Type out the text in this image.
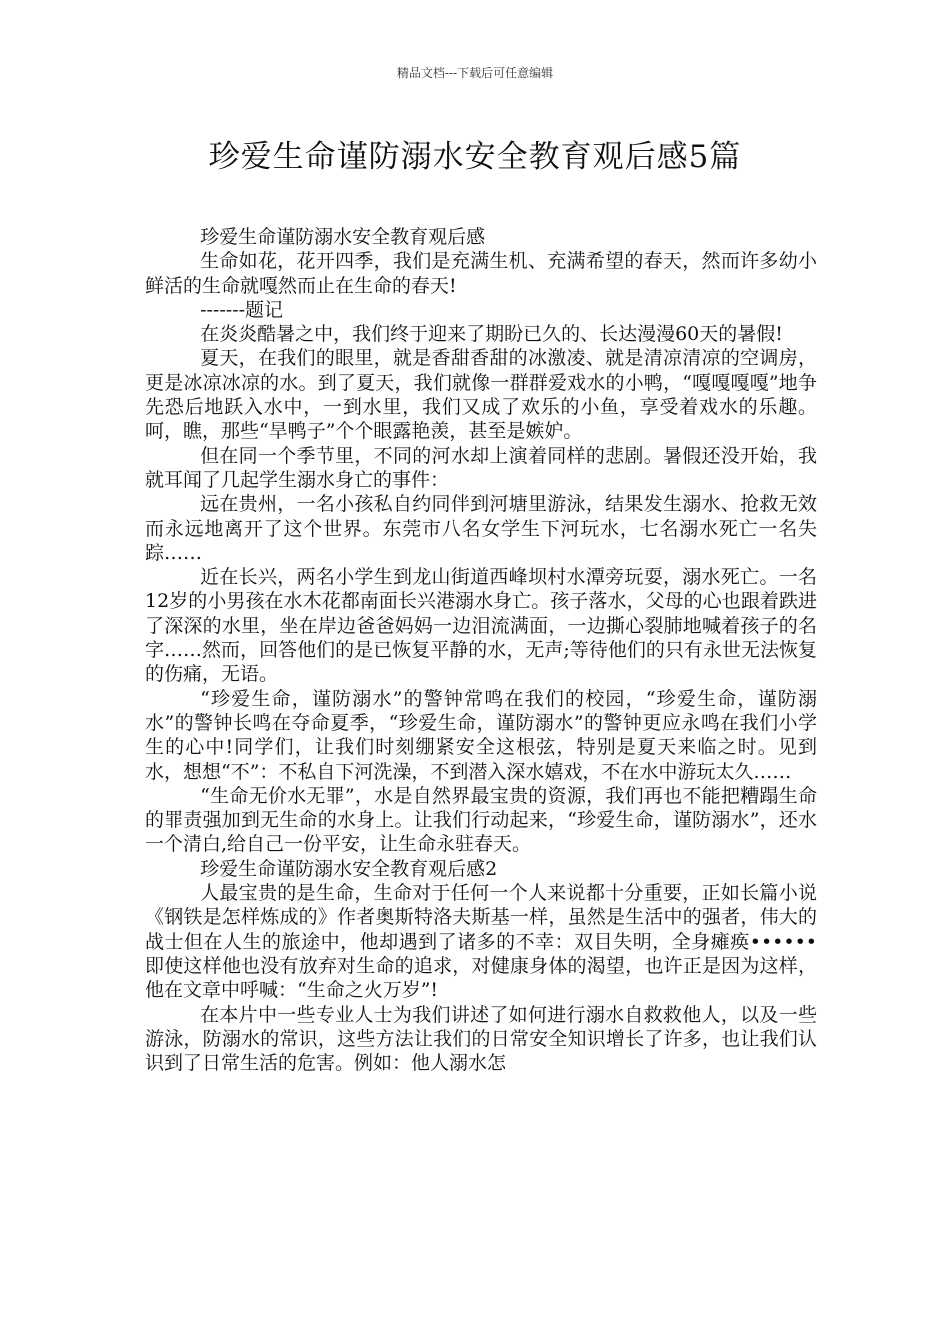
精品文档---下载后可任意编辑
珍爱生命谨防溺水安全教育观后感5篇

珍爱生命谨防溺水安全教育观后感

生命如花，花开四季，我们是充满生机、充满希望的春天，然而许多幼小鲜活的生命就嘎然而止在生命的春天!

-------题记

在炎炎酷暑之中，我们终于迎来了期盼已久的、长达漫漫60天的暑假!

夏天，在我们的眼里，就是香甜香甜的冰激凌、就是清凉清凉的空调房，更是冰凉冰凉的水。到了夏天，我们就像一群群爱戏水的小鸭，“嘎嘎嘎嘎”地争先恐后地跃入水中，一到水里，我们又成了欢乐的小鱼，享受着戏水的乐趣。呵，瞧，那些“旱鸭子”个个眼露艳羡，甚至是嫉妒。

但在同一个季节里，不同的河水却上演着同样的悲剧。暑假还没开始，我就耳闻了几起学生溺水身亡的事件：

远在贵州，一名小孩私自约同伴到河塘里游泳，结果发生溺水、抢救无效而永远地离开了这个世界。东莞市八名女学生下河玩水，七名溺水死亡一名失踪……

近在长兴，两名小学生到龙山街道西峰坝村水潭旁玩耍，溺水死亡。一名12岁的小男孩在水木花都南面长兴港溺水身亡。孩子落水，父母的心也跟着跌进了深深的水里，坐在岸边爸爸妈妈一边泪流满面，一边撕心裂肺地喊着孩子的名字……然而，回答他们的是已恢复平静的水，无声;等待他们的只有永世无法恢复的伤痛，无语。

“珍爱生命，谨防溺水”的警钟常鸣在我们的校园，“珍爱生命，谨防溺水”的警钟长鸣在夺命夏季，“珍爱生命，谨防溺水”的警钟更应永鸣在我们小学生的心中!同学们，让我们时刻绷紧安全这根弦，特别是夏天来临之时。见到水，想想“不”：不私自下河洗澡，不到潜入深水嬉戏，不在水中游玩太久……

“生命无价水无罪”，水是自然界最宝贵的资源，我们再也不能把糟蹋生命的罪责强加到无生命的水身上。让我们行动起来，“珍爱生命，谨防溺水”，还水一个清白,给自己一份平安，让生命永驻春天。

珍爱生命谨防溺水安全教育观后感2

人最宝贵的是生命，生命对于任何一个人来说都十分重要，正如长篇小说《钢铁是怎样炼成的》作者奥斯特洛夫斯基一样，虽然是生活中的强者，伟大的战士但在人生的旅途中，他却遇到了诸多的不幸：双目失明，全身瘫痪••••••即使这样他也没有放弃对生命的追求，对健康身体的渴望，也许正是因为这样，他在文章中呼喊：“生命之火万岁”!

在本片中一些专业人士为我们讲述了如何进行溺水自救救他人，以及一些游泳，防溺水的常识，这些方法让我们的日常安全知识增长了许多，也让我们认识到了日常生活的危害。例如：他人溺水怎
